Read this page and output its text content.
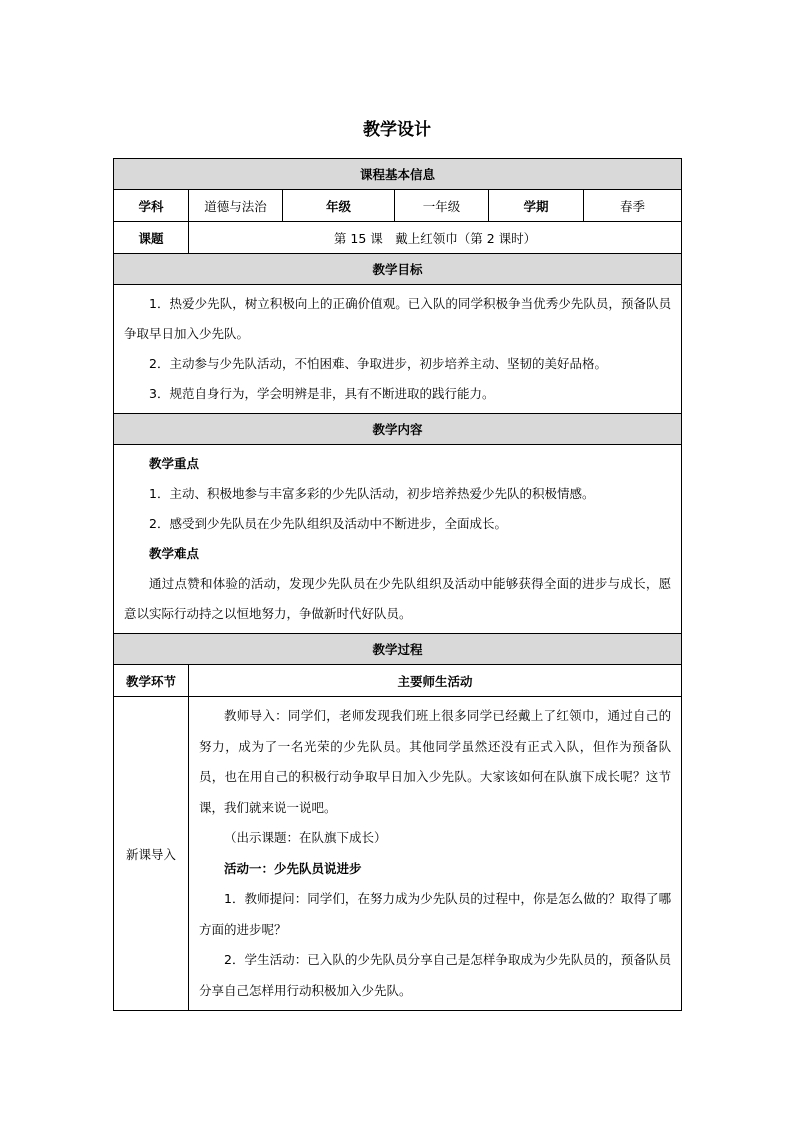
教学设计
课程基本信息					
学科	道德与法治	年级	一年级	学期	春季
课题	第 15 课　戴上红领巾（第 2 课时）				
教学目标					

1．热爱少先队，树立积极向上的正确价值观。已入队的同学积极争当优秀少先队员，预备队员争取早日加入少先队。
2．主动参与少先队活动，不怕困难、争取进步，初步培养主动、坚韧的美好品格。
3．规范自身行为，学会明辨是非，具有不断进取的践行能力。					

教学内容					

教学重点
1．主动、积极地参与丰富多彩的少先队活动，初步培养热爱少先队的积极情感。
2．感受到少先队员在少先队组织及活动中不断进步，全面成长。
教学难点
通过点赞和体验的活动，发现少先队员在少先队组织及活动中能够获得全面的进步与成长，愿意以实际行动持之以恒地努力，争做新时代好队员。					

教学过程					
教学环节	主要师生活动				
新课导入	教师导入：同学们，老师发现我们班上很多同学已经戴上了红领巾，通过自己的努力，成为了一名光荣的少先队员。其他同学虽然还没有正式入队，但作为预备队员，也在用自己的积极行动争取早日加入少先队。大家该如何在队旗下成长呢？这节课，我们就来说一说吧。
（出示课题：在队旗下成长）
活动一：少先队员说进步
1．教师提问：同学们，在努力成为少先队员的过程中，你是怎么做的？取得了哪方面的进步呢？
2．学生活动：已入队的少先队员分享自己是怎样争取成为少先队员的，预备队员分享自己怎样用行动积极加入少先队。				
